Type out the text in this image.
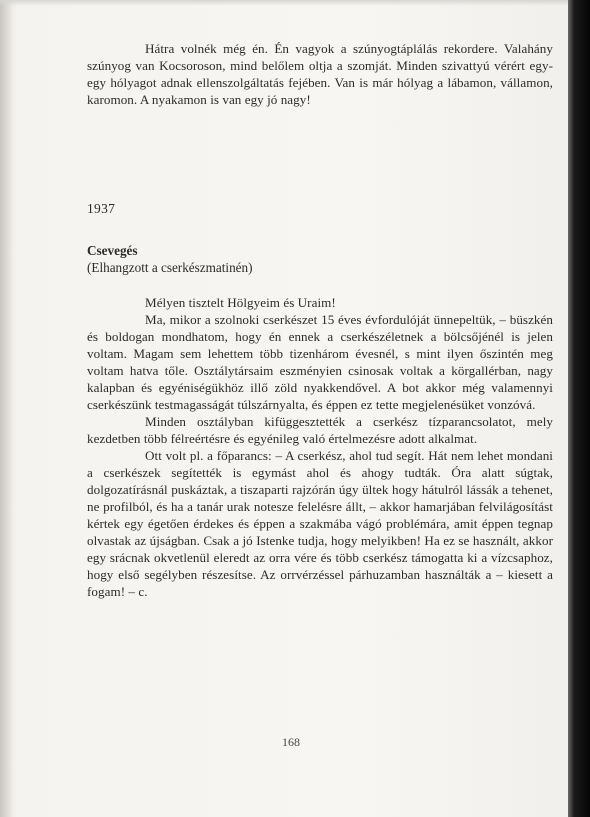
Hátra volnék még én. Én vagyok a szúnyogtáplálás rekordere. Valahány szúnyog van Kocsoroson, mind belőlem oltja a szomját. Minden szivattyú vérért egy-egy hólyagot adnak ellenszolgáltatás fejében. Van is már hólyag a lábamon, vállamon, karomon. A nyakamon is van egy jó nagy!

1937
Csevegés
(Elhangzott a cserkészmatinén)

Mélyen tisztelt Hölgyeim és Uraim!

Ma, mikor a szolnoki cserkészet 15 éves évfordulóját ünnepeltük, – büszkén és boldogan mondhatom, hogy én ennek a cserkészéletnek a bölcsőjénél is jelen voltam. Magam sem lehettem több tizenhárom évesnél, s mint ilyen őszintén meg voltam hatva tőle. Osztálytársaim eszményien csinosak voltak a körgallérban, nagy kalapban és egyéniségükhöz illő zöld nyakkendővel. A bot akkor még valamennyi cserkészünk testmagasságát túlszárnyalta, és éppen ez tette megjelenésüket vonzóvá.

Minden osztályban kifüggesztették a cserkész tízparancsolatot, mely kezdetben több félreértésre és egyénileg való értelmezésre adott alkalmat.

Ott volt pl. a főparancs: – A cserkész, ahol tud segít. Hát nem lehet mondani a cserkészek segítették is egymást ahol és ahogy tudták. Óra alatt súgtak, dolgozatírásnál puskáztak, a tiszaparti rajzórán úgy ültek hogy hátulról lássák a tehenet, ne profilból, és ha a tanár urak notesze felelésre állt, – akkor hamarjában felvilágosítást kértek egy égetően érdekes és éppen a szakmába vágó problémára, amit éppen tegnap olvastak az újságban. Csak a jó Istenke tudja, hogy melyikben! Ha ez se használt, akkor egy srácnak okvetlenül eleredt az orra vére és több cserkész támogatta ki a vízcsaphoz, hogy első segélyben részesítse. Az orrvérzéssel párhuzamban használták a – kiesett a fogam! – c.

168
